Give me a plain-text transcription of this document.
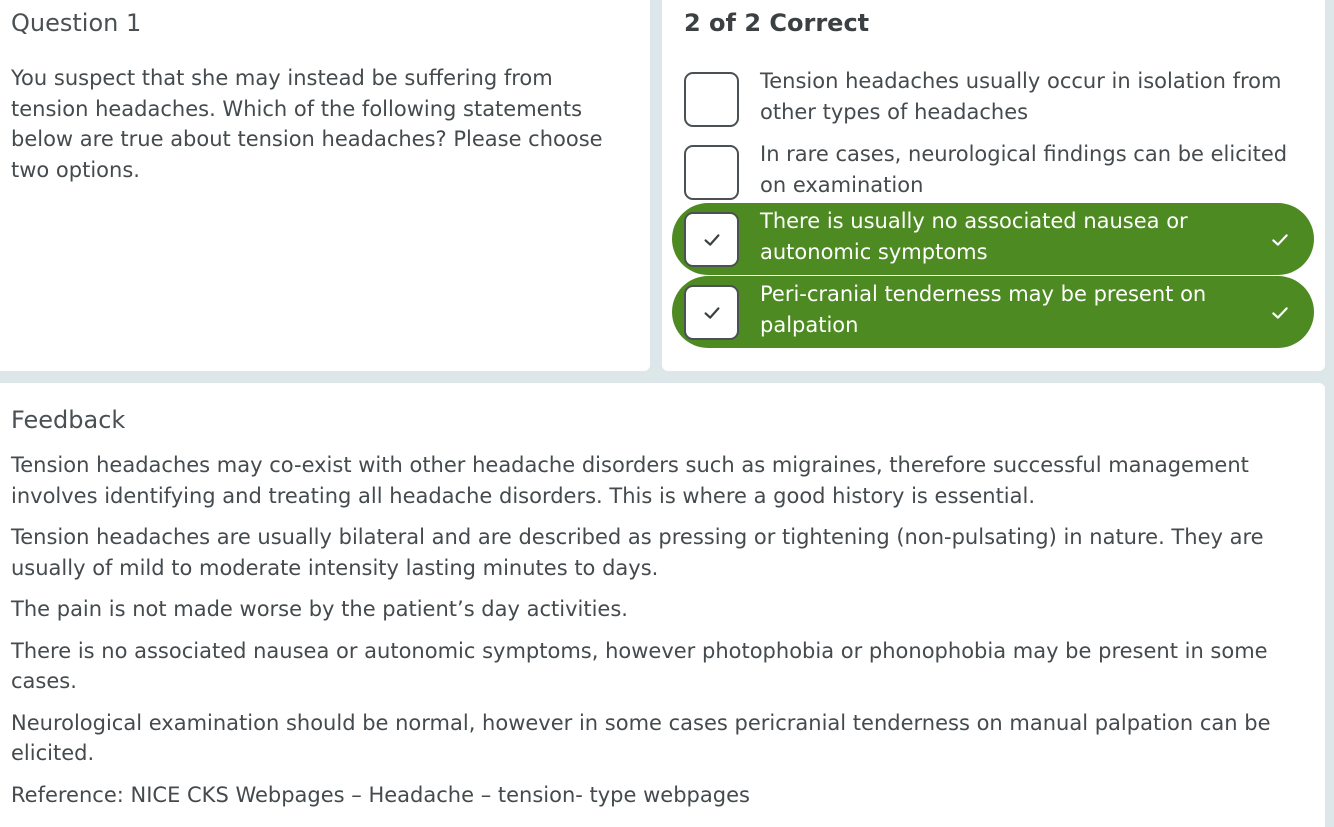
Question 1
You suspect that she may instead be suffering from tension headaches. Which of the following statements below are true about tension headaches? Please choose two options.
2 of 2 Correct
Tension headaches usually occur in isolation from other types of headaches
In rare cases, neurological findings can be elicited on examination
There is usually no associated nausea or autonomic symptoms
Peri-cranial tenderness may be present on palpation
Feedback

Tension headaches may co-exist with other headache disorders such as migraines, therefore successful management involves identifying and treating all headache disorders. This is where a good history is essential.

Tension headaches are usually bilateral and are described as pressing or tightening (non-pulsating) in nature. They are usually of mild to moderate intensity lasting minutes to days.

The pain is not made worse by the patient’s day activities.

There is no associated nausea or autonomic symptoms, however photophobia or phonophobia may be present in some cases.

Neurological examination should be normal, however in some cases pericranial tenderness on manual palpation can be elicited.

Reference: NICE CKS Webpages – Headache – tension- type webpages
